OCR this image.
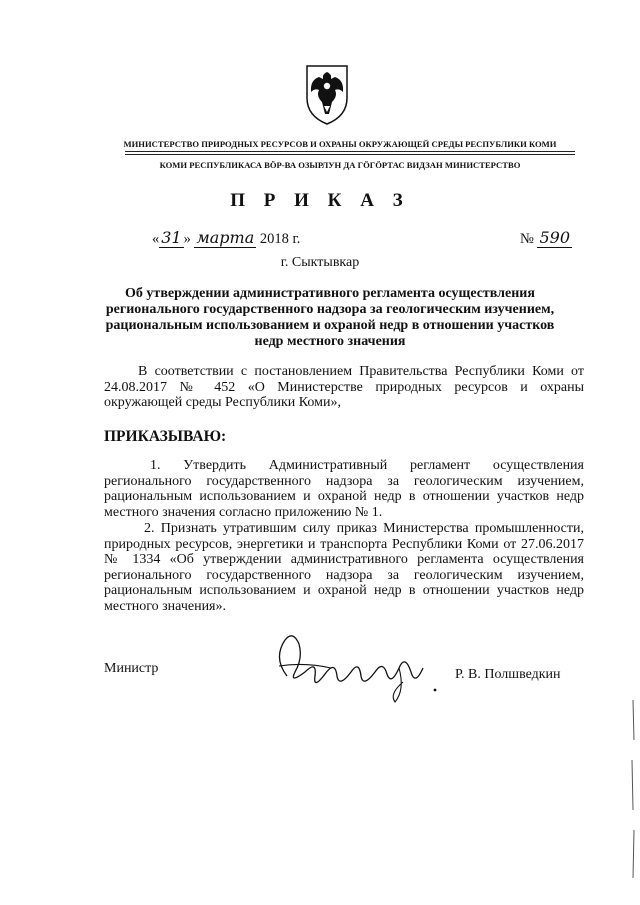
МИНИСТЕРСТВО ПРИРОДНЫХ РЕСУРСОВ И ОХРАНЫ ОКРУЖАЮЩЕЙ СРЕДЫ РЕСПУБЛИКИ КОМИ
КОМИ РЕСПУБЛИКАСА ВӦР-ВА ОЗЫРЛУН ДА ГӦГӦРТАС ВИДЗАН МИНИСТЕРСТВО
П Р И К А З
« 31 » марта 2018 г.	№ 590
г. Сыктывкар
Об утверждении административного регламента осуществления регионального государственного надзора за геологическим изучением, рациональным использованием и охраной недр в отношении участков недр местного значения
В соответствии с постановлением Правительства Республики Коми от 24.08.2017 № 452 «О Министерстве природных ресурсов и охраны окружающей среды Республики Коми»,
ПРИКАЗЫВАЮ:
1. Утвердить Административный регламент осуществления регионального государственного надзора за геологическим изучением, рациональным использованием и охраной недр в отношении участков недр местного значения согласно приложению № 1.
2. Признать утратившим силу приказ Министерства промышленности, природных ресурсов, энергетики и транспорта Республики Коми от 27.06.2017 № 1334 «Об утверждении административного регламента осуществления регионального государственного надзора за геологическим изучением, рациональным использованием и охраной недр в отношении участков недр местного значения».
Министр	Р. В. Полшведкин
